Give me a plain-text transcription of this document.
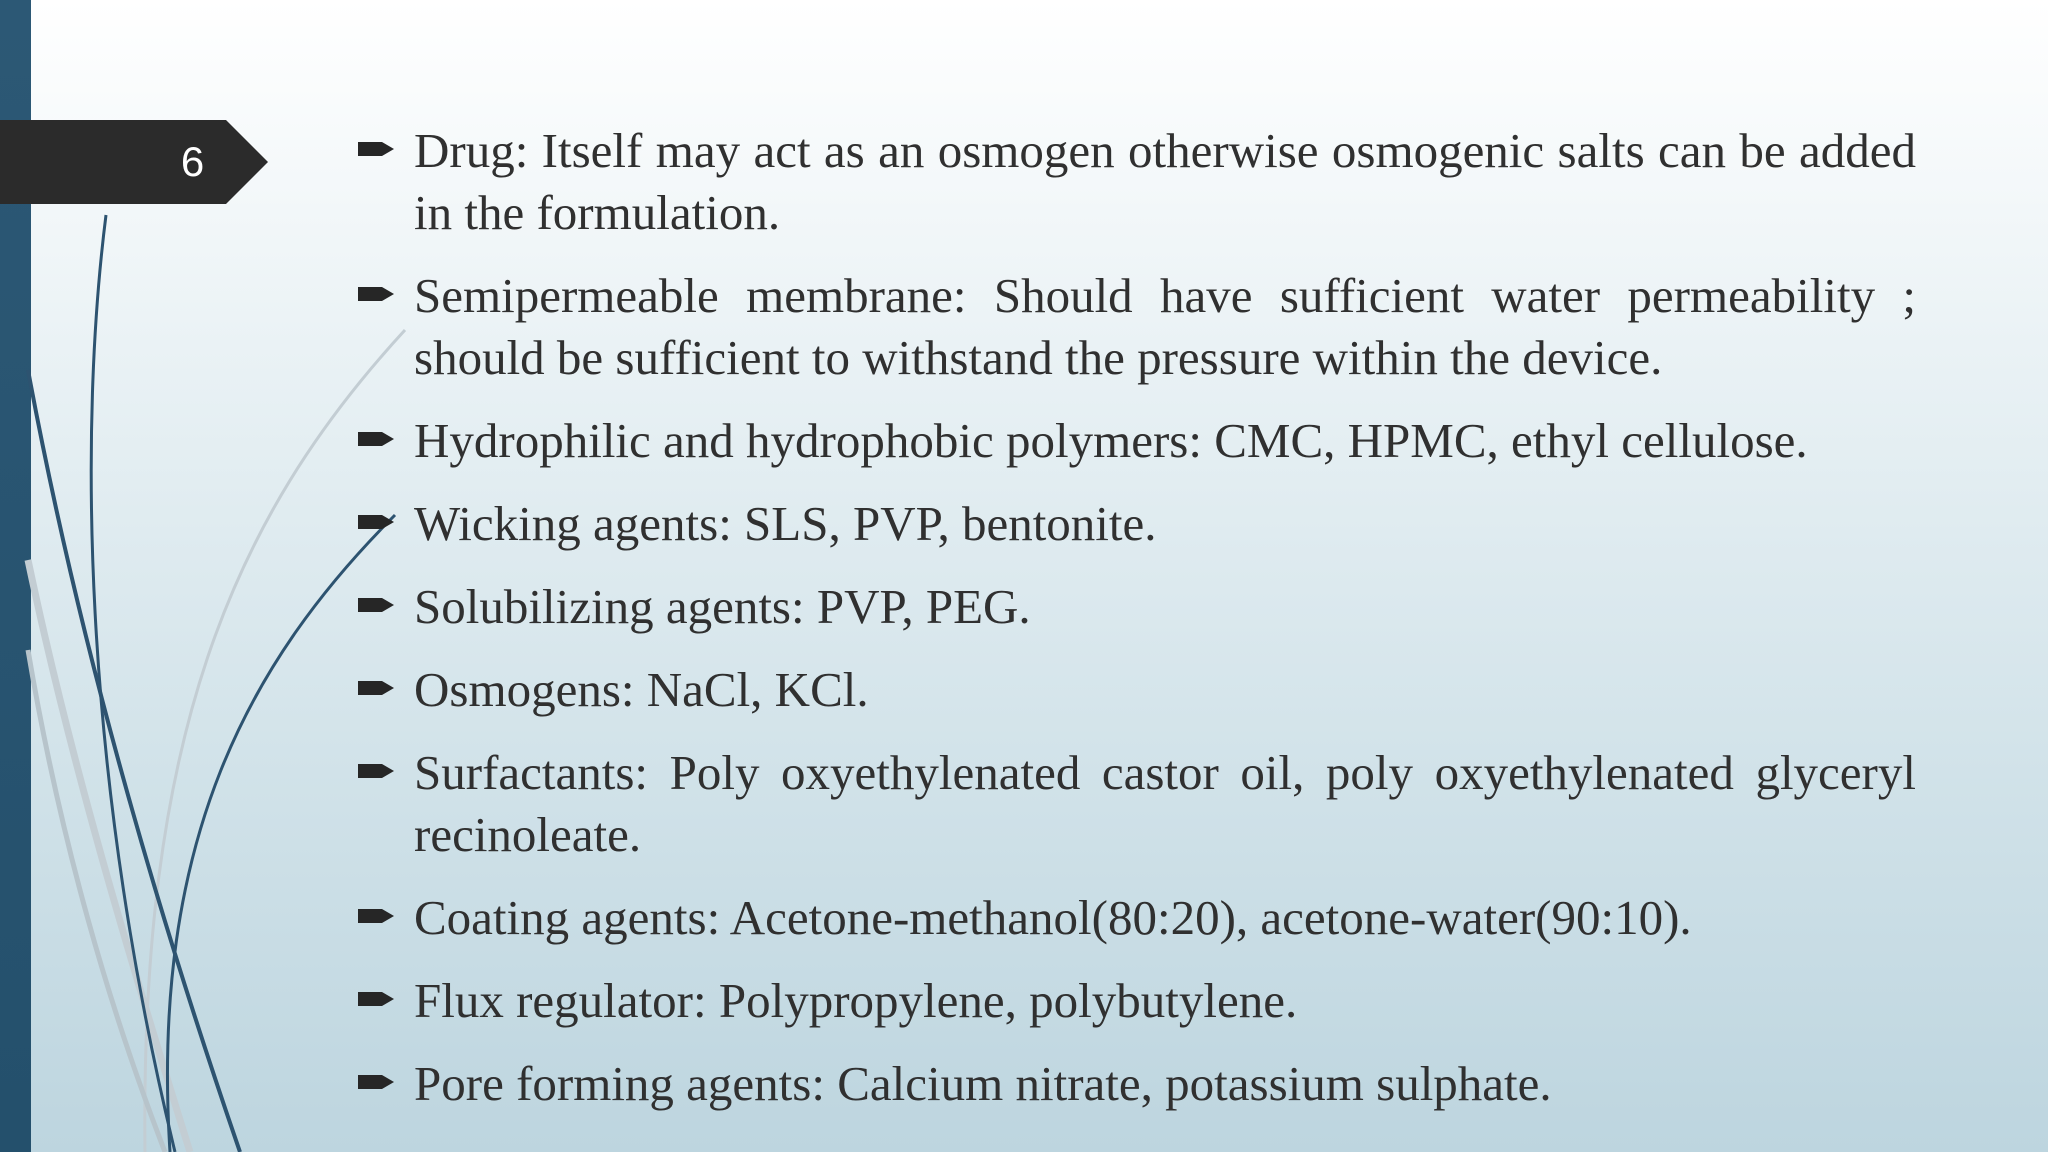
6	Drug: Itself may act as an osmogen otherwise osmogenic salts can be added in the formulation.
Semipermeable membrane: Should have sufficient water permeability ; should be sufficient to withstand the pressure within the device.
Hydrophilic and hydrophobic polymers: CMC, HPMC, ethyl cellulose.
Wicking agents: SLS, PVP, bentonite.
Solubilizing agents: PVP, PEG.
Osmogens: NaCl, KCl.
Surfactants: Poly oxyethylenated castor oil, poly oxyethylenated glyceryl recinoleate.
Coating agents: Acetone-methanol(80:20), acetone-water(90:10).
Flux regulator: Polypropylene, polybutylene.
Pore forming agents: Calcium nitrate, potassium sulphate.
